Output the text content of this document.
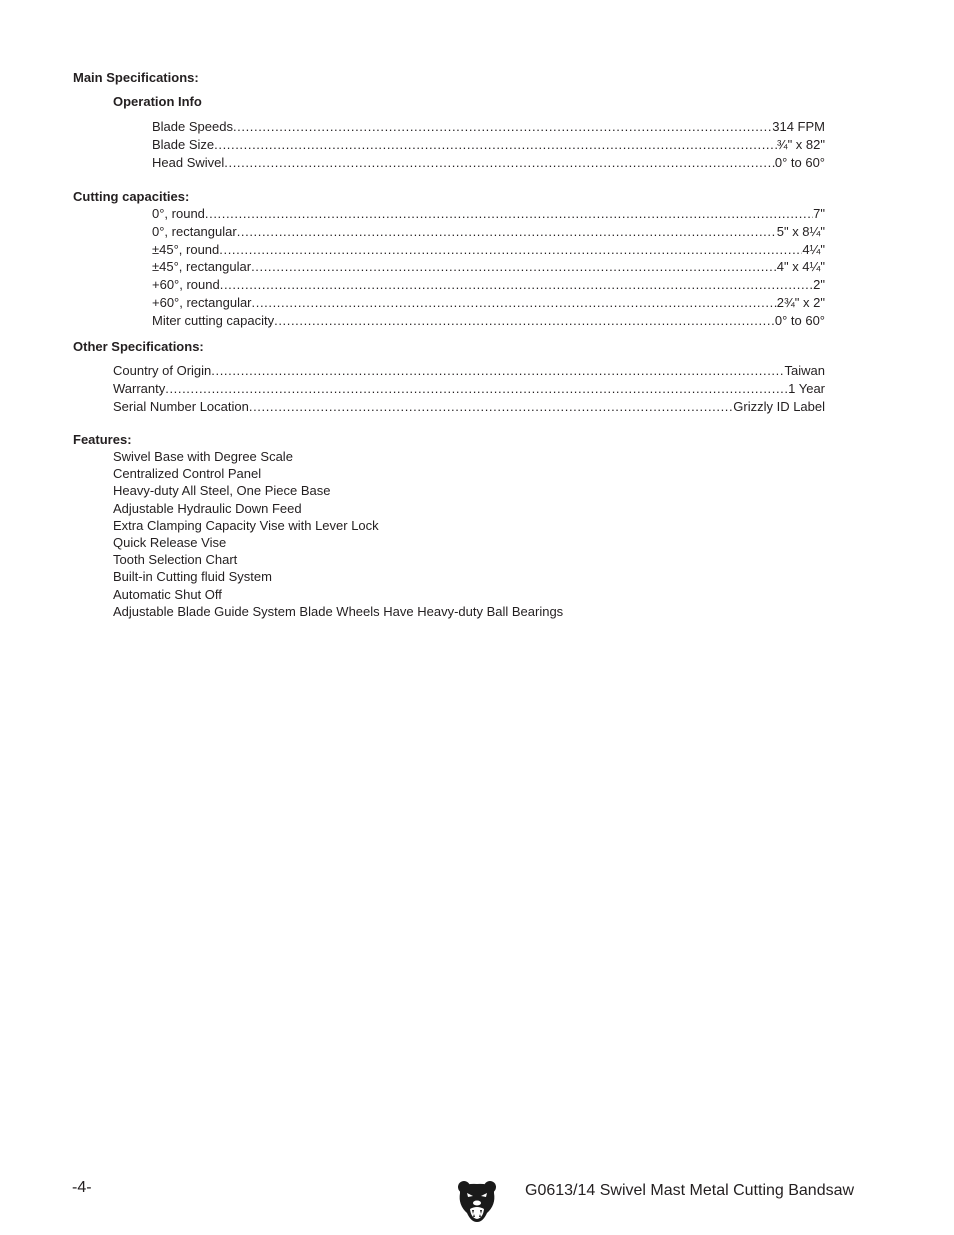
Main Specifications:
Operation Info
Blade Speeds .....	314 FPM
Blade Size .....	¾" x 82"
Head Swivel .....	0° to 60°
Cutting capacities:
0°, round .....	7"
0°, rectangular .....	5" x 8¼"
±45°, round .....	4¼"
±45°, rectangular .....	4" x 4¼"
+60°, round .....	2"
+60°, rectangular .....	2¾" x 2"
Miter cutting capacity .....	0° to 60°
Other Specifications:
Country of Origin .....	Taiwan
Warranty .....	1 Year
Serial Number Location .....	Grizzly ID Label
Features:
Swivel Base with Degree Scale
Centralized Control Panel
Heavy-duty All Steel, One Piece Base
Adjustable Hydraulic Down Feed
Extra Clamping Capacity Vise with Lever Lock
Quick Release Vise
Tooth Selection Chart
Built-in Cutting fluid System
Automatic Shut Off
Adjustable Blade Guide System Blade Wheels Have Heavy-duty Ball Bearings
-4-	G0613/14 Swivel Mast Metal Cutting Bandsaw
